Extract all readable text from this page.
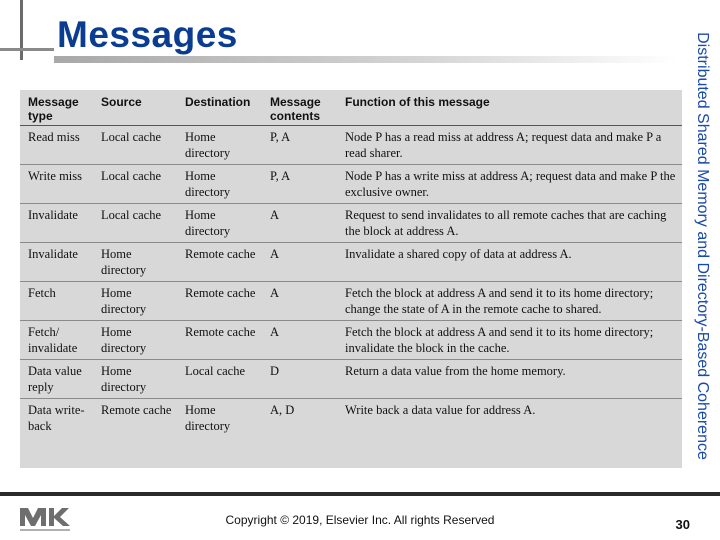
Messages	Distributed Shared Memory and Directory-Based Coherence
Message type	Source	Destination	Message contents	Function of this message
Read miss	Local cache	Home directory	P, A	Node P has a read miss at address A; request data and make P a read sharer.
Write miss	Local cache	Home directory	P, A	Node P has a write miss at address A; request data and make P the exclusive owner.
Invalidate	Local cache	Home directory	A	Request to send invalidates to all remote caches that are caching the block at address A.
Invalidate	Home directory	Remote cache	A	Invalidate a shared copy of data at address A.
Fetch	Home directory	Remote cache	A	Fetch the block at address A and send it to its home directory; change the state of A in the remote cache to shared.
Fetch/ invalidate	Home directory	Remote cache	A	Fetch the block at address A and send it to its home directory; invalidate the block in the cache.
Data value reply	Home directory	Local cache	D	Return a data value from the home memory.
Data write-back	Remote cache	Home directory	A, D	Write back a data value for address A.
Copyright © 2019, Elsevier Inc. All rights Reserved	30
